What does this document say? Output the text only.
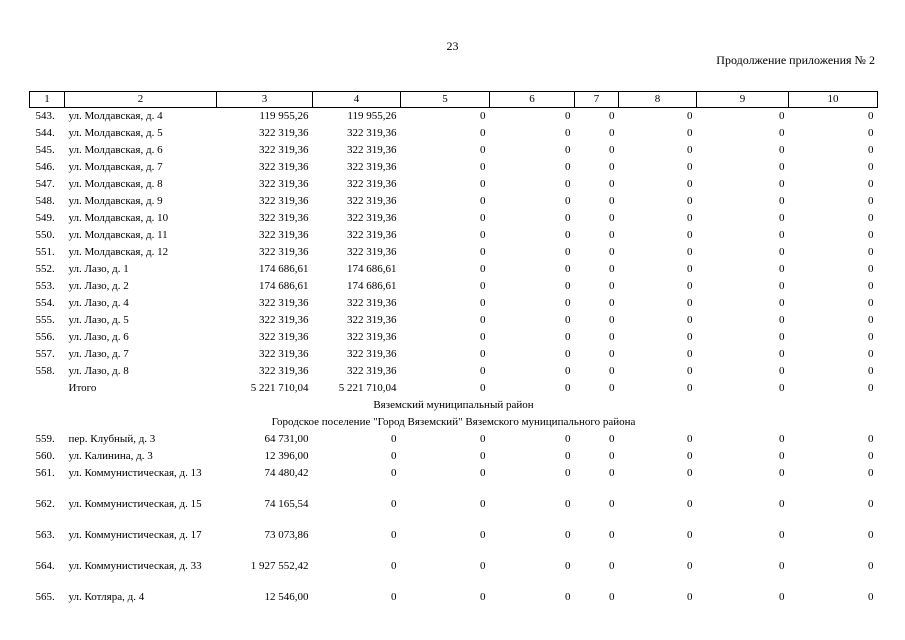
23
Продолжение приложения № 2
1	2	3	4	5	6	7	8	9	10
543.	ул. Молдавская, д. 4	119 955,26	119 955,26	0	0	0	0	0	0
544.	ул. Молдавская, д. 5	322 319,36	322 319,36	0	0	0	0	0	0
545.	ул. Молдавская, д. 6	322 319,36	322 319,36	0	0	0	0	0	0
546.	ул. Молдавская, д. 7	322 319,36	322 319,36	0	0	0	0	0	0
547.	ул. Молдавская, д. 8	322 319,36	322 319,36	0	0	0	0	0	0
548.	ул. Молдавская, д. 9	322 319,36	322 319,36	0	0	0	0	0	0
549.	ул. Молдавская, д. 10	322 319,36	322 319,36	0	0	0	0	0	0
550.	ул. Молдавская, д. 11	322 319,36	322 319,36	0	0	0	0	0	0
551.	ул. Молдавская, д. 12	322 319,36	322 319,36	0	0	0	0	0	0
552.	ул. Лазо, д. 1	174 686,61	174 686,61	0	0	0	0	0	0
553.	ул. Лазо, д. 2	174 686,61	174 686,61	0	0	0	0	0	0
554.	ул. Лазо, д. 4	322 319,36	322 319,36	0	0	0	0	0	0
555.	ул. Лазо, д. 5	322 319,36	322 319,36	0	0	0	0	0	0
556.	ул. Лазо, д. 6	322 319,36	322 319,36	0	0	0	0	0	0
557.	ул. Лазо, д. 7	322 319,36	322 319,36	0	0	0	0	0	0
558.	ул. Лазо, д. 8	322 319,36	322 319,36	0	0	0	0	0	0
	Итого	5 221 710,04	5 221 710,04	0	0	0	0	0	0
Вяземский муниципальный район									
Городское поселение "Город Вяземский" Вяземского муниципального района									
559.	пер. Клубный, д. 3	64 731,00	0	0	0	0	0	0	0
560.	ул. Калинина, д. 3	12 396,00	0	0	0	0	0	0	0
561.	ул. Коммунистическая, д. 13	74 480,42	0	0	0	0	0	0	0
562.	ул. Коммунистическая, д. 15	74 165,54	0	0	0	0	0	0	0
563.	ул. Коммунистическая, д. 17	73 073,86	0	0	0	0	0	0	0
564.	ул. Коммунистическая, д. 33	1 927 552,42	0	0	0	0	0	0	0
565.	ул. Котляра, д. 4	12 546,00	0	0	0	0	0	0	0
